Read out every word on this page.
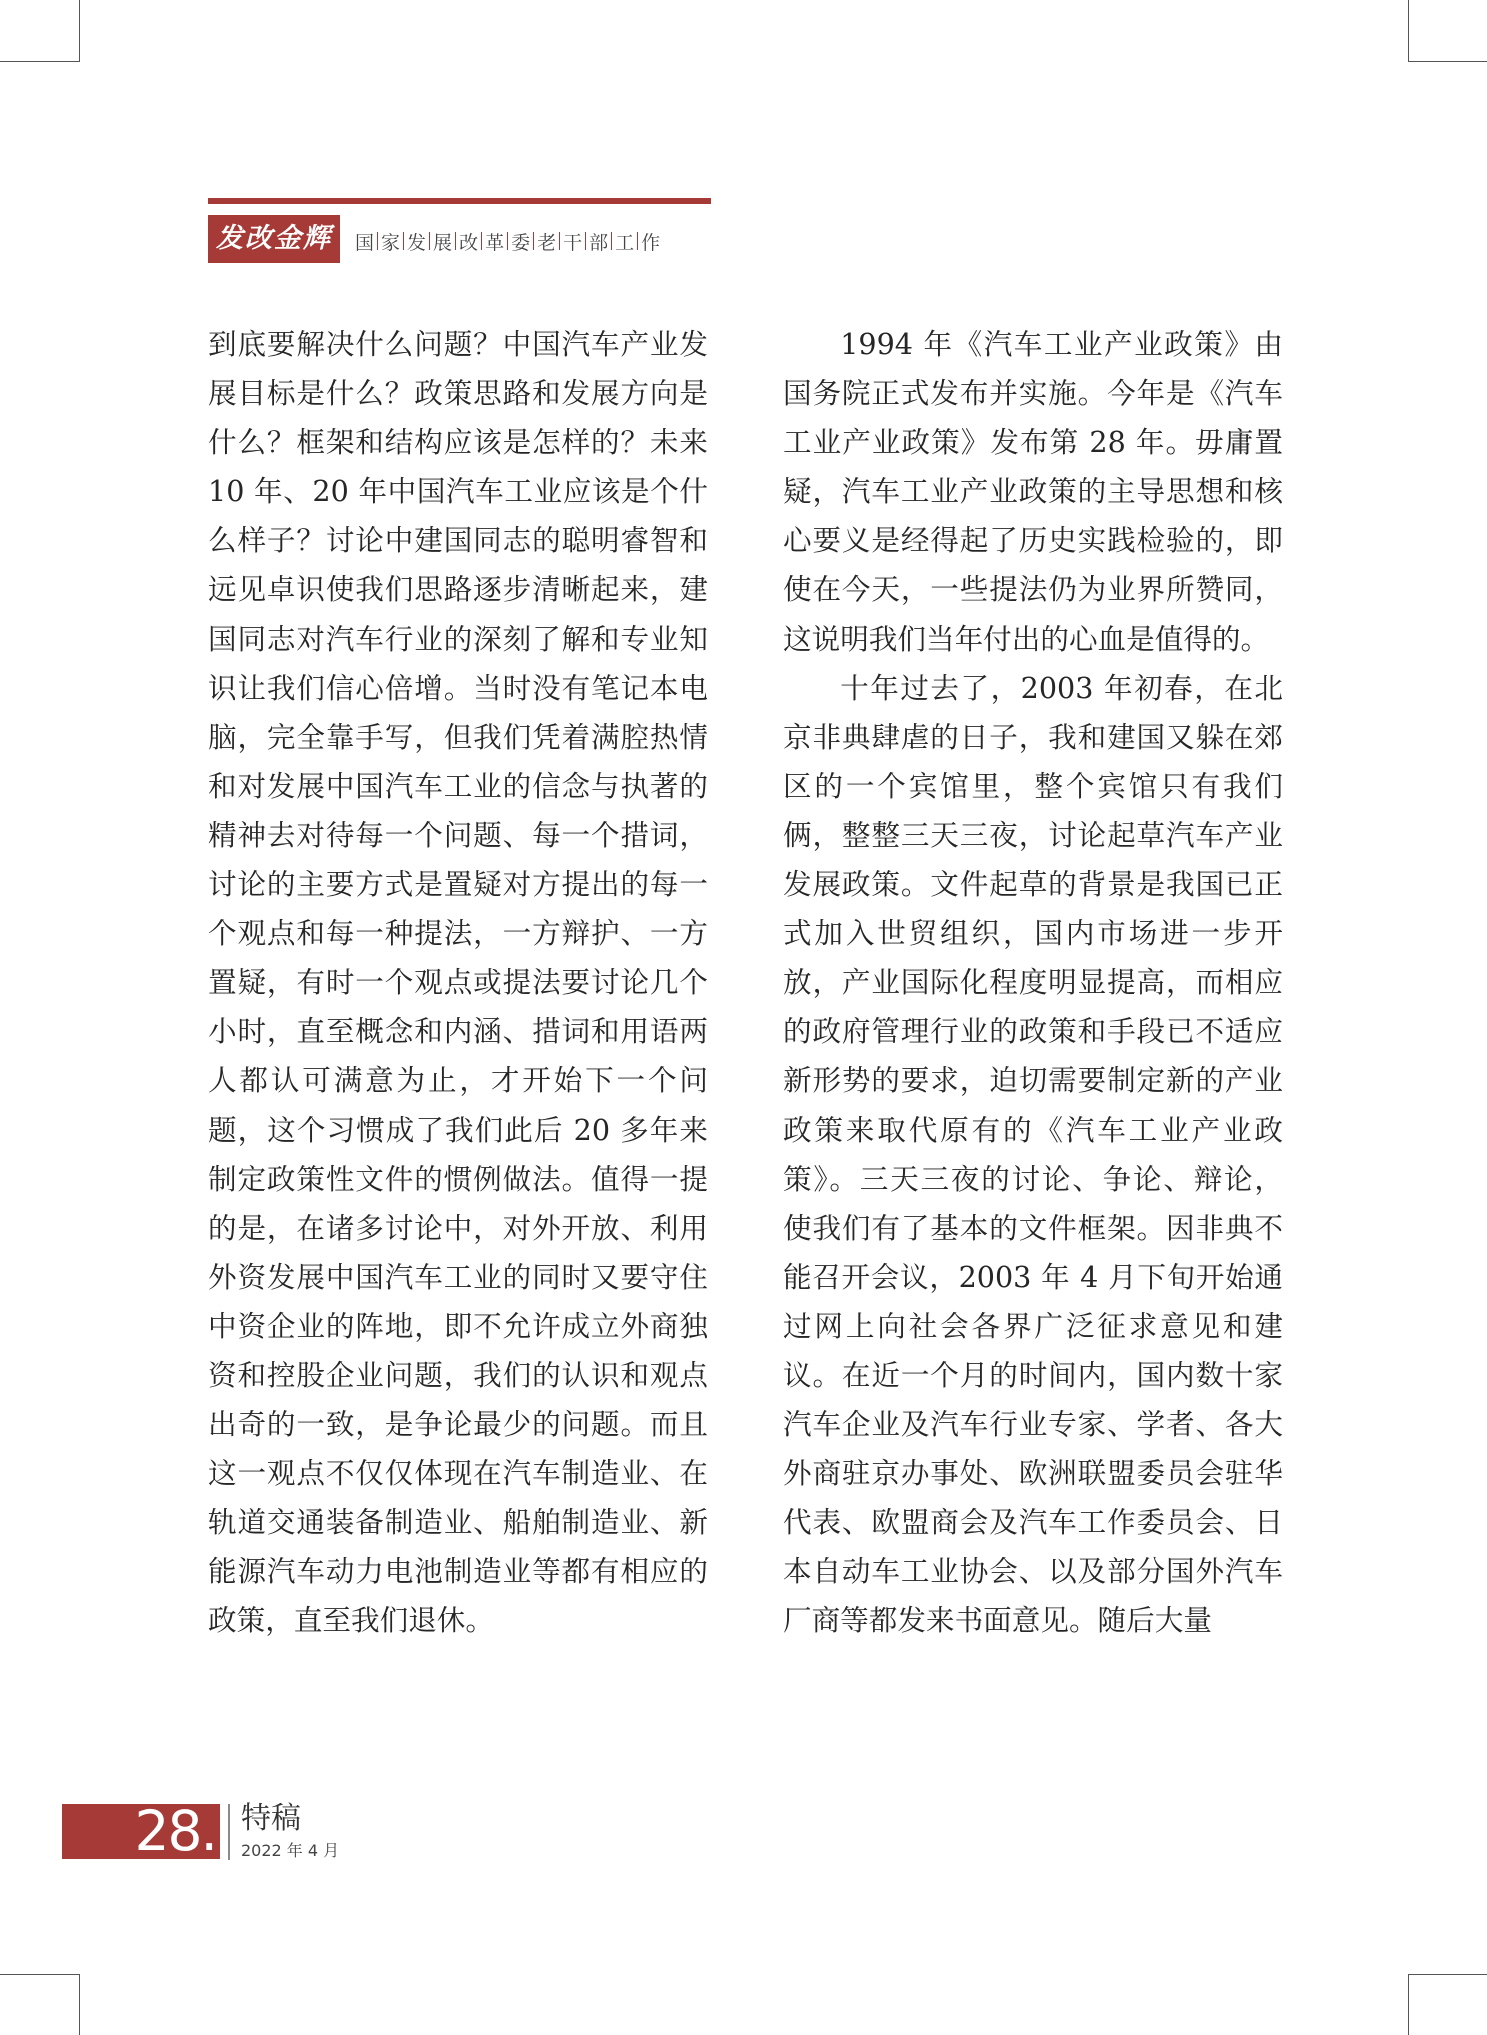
发改金辉	国 家 发 展 改 革 委 老 干 部 工 作

到底要解决什么问题？中国汽车产业发展目标是什么？政策思路和发展方向是什么？框架和结构应该是怎样的？未来 10 年、20 年中国汽车工业应该是个什么样子？讨论中建国同志的聪明睿智和远见卓识使我们思路逐步清晰起来，建国同志对汽车行业的深刻了解和专业知识让我们信心倍增。当时没有笔记本电脑，完全靠手写，但我们凭着满腔热情和对发展中国汽车工业的信念与执著的精神去对待每一个问题、每一个措词，讨论的主要方式是置疑对方提出的每一个观点和每一种提法，一方辩护、一方置疑，有时一个观点或提法要讨论几个小时，直至概念和内涵、措词和用语两人都认可满意为止，才开始下一个问题，这个习惯成了我们此后 20 多年来制定政策性文件的惯例做法。值得一提的是，在诸多讨论中，对外开放、利用外资发展中国汽车工业的同时又要守住中资企业的阵地，即不允许成立外商独资和控股企业问题，我们的认识和观点出奇的一致，是争论最少的问题。而且这一观点不仅仅体现在汽车制造业、在轨道交通装备制造业、船舶制造业、新能源汽车动力电池制造业等都有相应的政策，直至我们退休。

1994 年《汽车工业产业政策》由国务院正式发布并实施。今年是《汽车工业产业政策》发布第 28 年。毋庸置疑，汽车工业产业政策的主导思想和核心要义是经得起了历史实践检验的，即使在今天，一些提法仍为业界所赞同，这说明我们当年付出的心血是值得的。

十年过去了，2003 年初春，在北京非典肆虐的日子，我和建国又躲在郊区的一个宾馆里，整个宾馆只有我们俩，整整三天三夜，讨论起草汽车产业发展政策。文件起草的背景是我国已正式加入世贸组织，国内市场进一步开放，产业国际化程度明显提高，而相应的政府管理行业的政策和手段已不适应新形势的要求，迫切需要制定新的产业政策来取代原有的《汽车工业产业政策》。三天三夜的讨论、争论、辩论，使我们有了基本的文件框架。因非典不能召开会议，2003 年 4 月下旬开始通过网上向社会各界广泛征求意见和建议。在近一个月的时间内，国内数十家汽车企业及汽车行业专家、学者、各大外商驻京办事处、欧洲联盟委员会驻华代表、欧盟商会及汽车工作委员会、日本自动车工业协会、以及部分国外汽车厂商等都发来书面意见。随后大量

28. 特稿
2022 年 4 月
